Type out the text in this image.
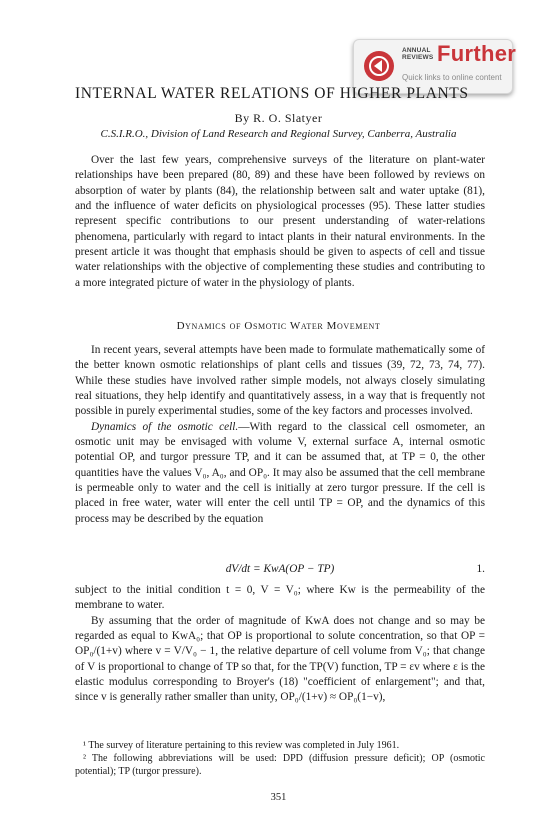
ANNUAL
REVIEWS Further
Quick links to online content
INTERNAL WATER RELATIONS OF HIGHER PLANTS
By R. O. Slatyer
C.S.I.R.O., Division of Land Research and Regional Survey, Canberra, Australia

Over the last few years, comprehensive surveys of the literature on plant-water relationships have been prepared (80, 89) and these have been followed by reviews on absorption of water by plants (84), the relationship between salt and water uptake (81), and the influence of water deficits on physiological processes (95). These latter studies represent specific contributions to our present understanding of water-relations phenomena, particularly with regard to intact plants in their natural environments. In the present article it was thought that emphasis should be given to aspects of cell and tissue water relationships with the objective of complementing these studies and contributing to a more integrated picture of water in the physiology of plants.

Dynamics of Osmotic Water Movement

In recent years, several attempts have been made to formulate mathematically some of the better known osmotic relationships of plant cells and tissues (39, 72, 73, 74, 77). While these studies have involved rather simple models, not always closely simulating real situations, they help identify and quantitatively assess, in a way that is frequently not possible in purely experimental studies, some of the key factors and processes involved.

Dynamics of the osmotic cell.—With regard to the classical cell osmometer, an osmotic unit may be envisaged with volume V, external surface A, internal osmotic potential OP, and turgor pressure TP, and it can be assumed that, at TP = 0, the other quantities have the values V₀, A₀, and OP₀. It may also be assumed that the cell membrane is permeable only to water and the cell is initially at zero turgor pressure. If the cell is placed in free water, water will enter the cell until TP = OP, and the dynamics of this process may be described by the equation

dV/dt = KwA(OP − TP)	1.

subject to the initial condition t = 0, V = V₀; where Kw is the permeability of the membrane to water.

By assuming that the order of magnitude of KwA does not change and so may be regarded as equal to KwA₀; that OP is proportional to solute concentration, so that OP = OP₀/(1+v) where v = V/V₀ − 1, the relative departure of cell volume from V₀; that change of V is proportional to change of TP so that, for the TP(V) function, TP = εv where ε is the elastic modulus corresponding to Broyer's (18) "coefficient of enlargement"; and that, since v is generally rather smaller than unity, OP₀/(1+v) ≈ OP₀(1−v),

¹ The survey of literature pertaining to this review was completed in July 1961.

² The following abbreviations will be used: DPD (diffusion pressure deficit); OP (osmotic potential); TP (turgor pressure).

351
